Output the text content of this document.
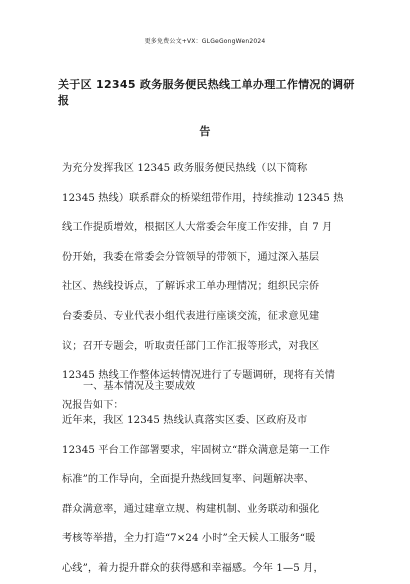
更多免费公文+VX：GLGeGongWen2024
关于区 12345 政务服务便民热线工单办理工作情况的调研报
告
为充分发挥我区 12345 政务服务便民热线（以下简称
12345 热线）联系群众的桥梁纽带作用，持续推动 12345 热
线工作提质增效，根据区人大常委会年度工作安排，自 7 月
份开始，我委在常委会分管领导的带领下，通过深入基层
社区、热线投诉点，了解诉求工单办理情况；组织民宗侨
台委委员、专业代表小组代表进行座谈交流，征求意见建
议；召开专题会，听取责任部门工作汇报等形式，对我区
12345 热线工作整体运转情况进行了专题调研，现将有关情
况报告如下：
一、基本情况及主要成效
近年来，我区 12345 热线认真落实区委、区政府及市
12345 平台工作部署要求，牢固树立“群众满意是第一工作
标准”的工作导向，全面提升热线回复率、问题解决率、
群众满意率，通过建章立规、构建机制、业务联动和强化
考核等举措，全力打造“7×24 小时”全天候人工服务“暖
心线”，着力提升群众的获得感和幸福感。今年 1—5 月，
